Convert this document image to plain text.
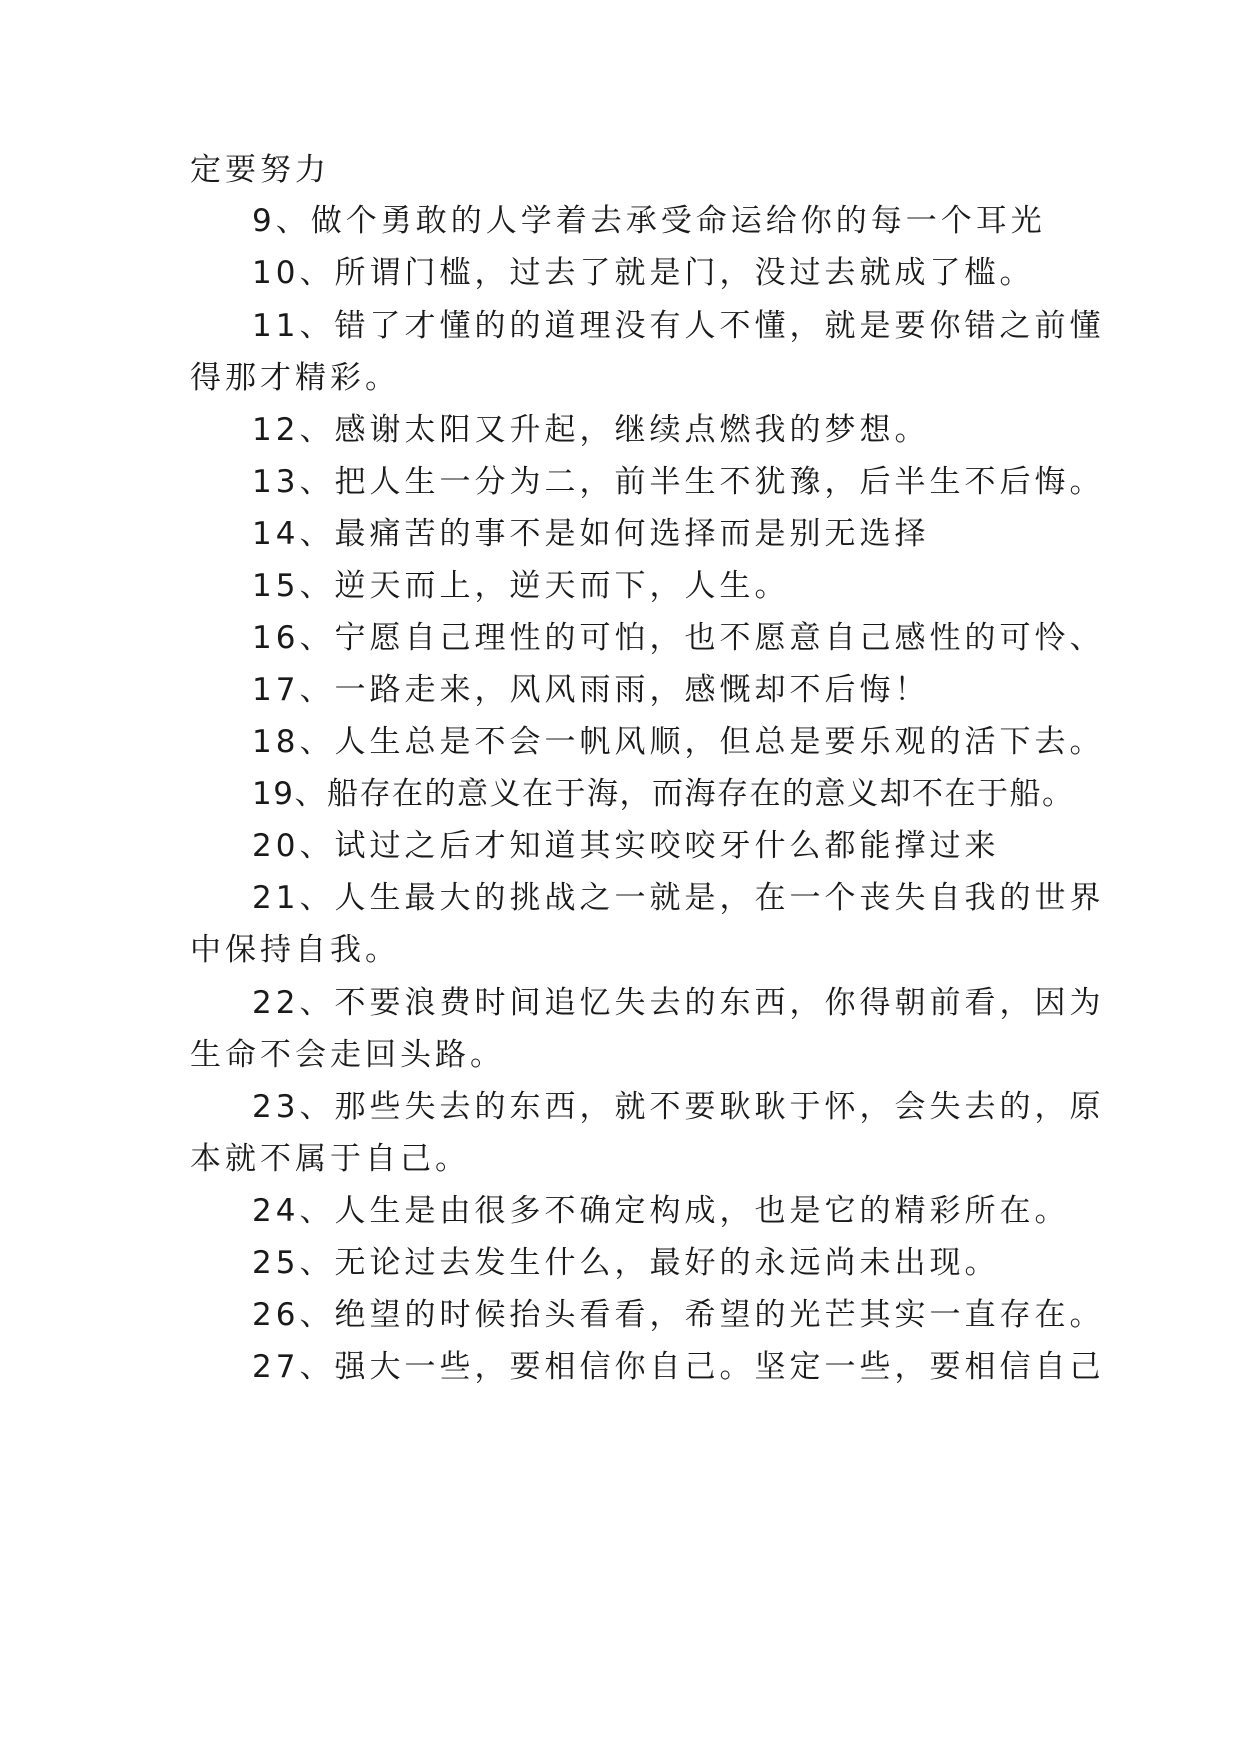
定要努力
9、做个勇敢的人学着去承受命运给你的每一个耳光
10、所谓门槛，过去了就是门，没过去就成了槛。
11、错了才懂的的道理没有人不懂，就是要你错之前懂
得那才精彩。
12、感谢太阳又升起，继续点燃我的梦想。
13、把人生一分为二，前半生不犹豫，后半生不后悔。
14、最痛苦的事不是如何选择而是别无选择
15、逆天而上，逆天而下，人生。
16、宁愿自己理性的可怕，也不愿意自己感性的可怜、
17、一路走来，风风雨雨，感慨却不后悔！
18、人生总是不会一帆风顺，但总是要乐观的活下去。
19、船存在的意义在于海，而海存在的意义却不在于船。
20、试过之后才知道其实咬咬牙什么都能撑过来
21、人生最大的挑战之一就是，在一个丧失自我的世界
中保持自我。
22、不要浪费时间追忆失去的东西，你得朝前看，因为
生命不会走回头路。
23、那些失去的东西，就不要耿耿于怀，会失去的，原
本就不属于自己。
24、人生是由很多不确定构成，也是它的精彩所在。
25、无论过去发生什么，最好的永远尚未出现。
26、绝望的时候抬头看看，希望的光芒其实一直存在。
27、强大一些，要相信你自己。坚定一些，要相信自己
